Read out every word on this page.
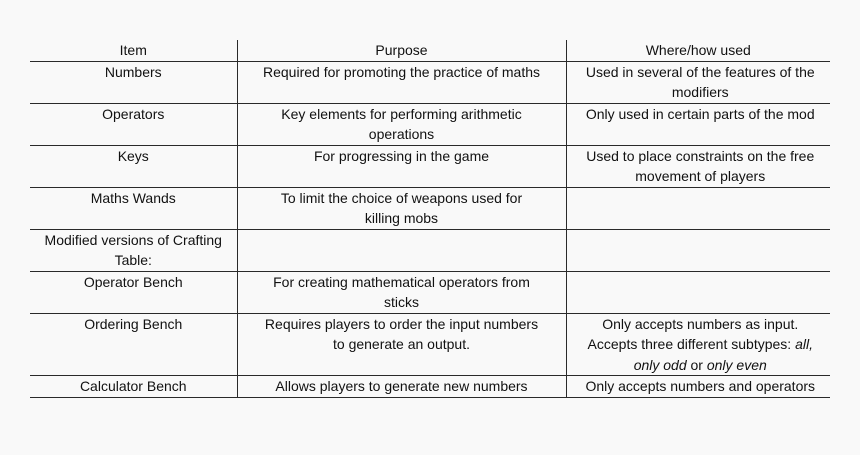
Item	Purpose	Where/how used
Numbers	Required for promoting the practice of maths	Used in several of the features of the
modifiers

Operators	Key elements for performing arithmetic
operations	Only used in certain parts of the mod

Keys	For progressing in the game	Used to place constraints on the free
movement of players

Maths Wands	To limit the choice of weapons used for
killing mobs	

Modified versions of Crafting Table:		
Operator Bench	For creating mathematical operators from
sticks	

Ordering Bench	Requires players to order the input numbers
to generate an output.	Only accepts numbers as input.
Accepts three different subtypes: all,
only odd or only even

Calculator Bench	Allows players to generate new numbers	Only accepts numbers and operators
